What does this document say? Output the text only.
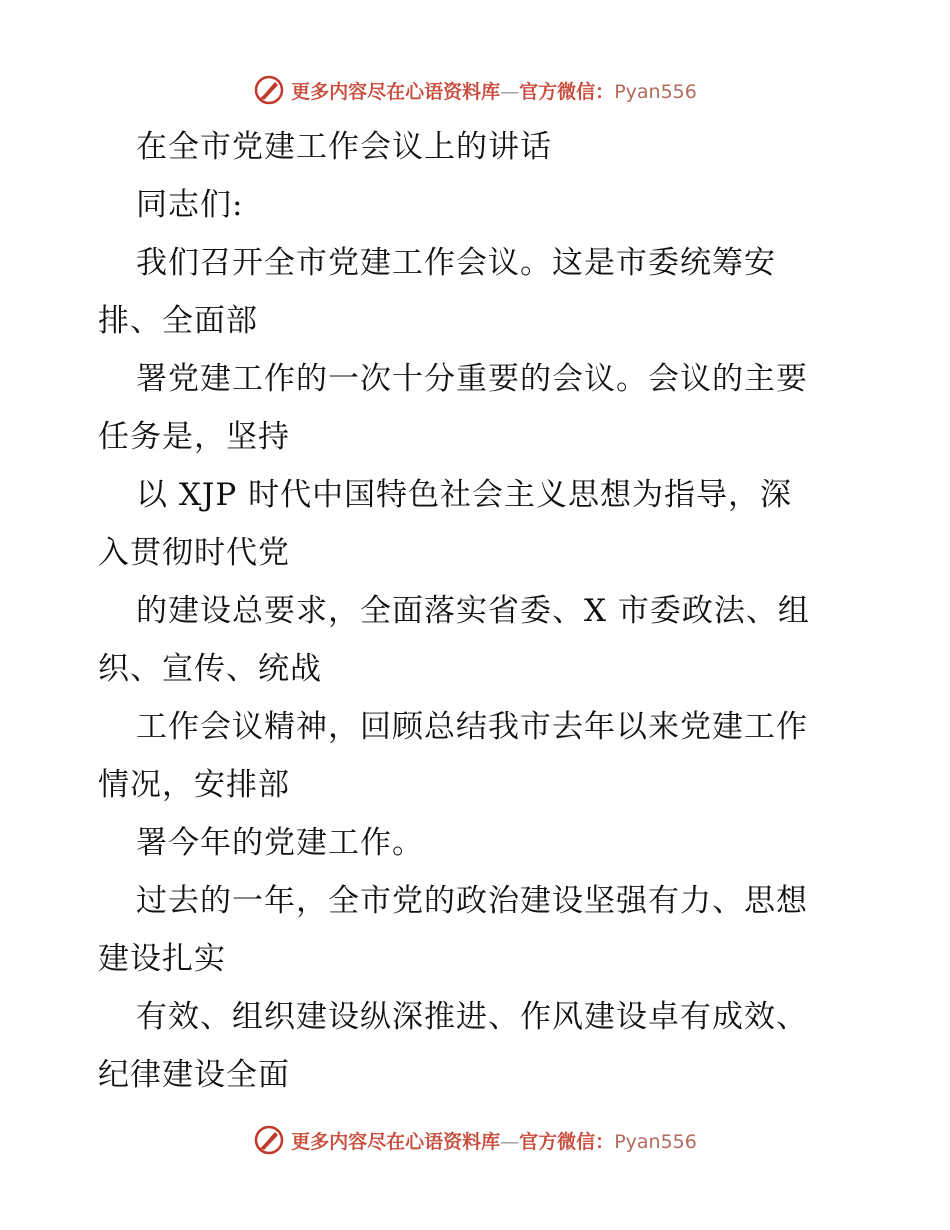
更多内容尽在心语资料库—官方微信：Pyan556
在全市党建工作会议上的讲话
同志们:
我们召开全市党建工作会议。这是市委统筹安
排、全面部
署党建工作的一次十分重要的会议。会议的主要
任务是，坚持
以 XJP 时代中国特色社会主义思想为指导，深
入贯彻时代党
的建设总要求，全面落实省委、X 市委政法、组
织、宣传、统战
工作会议精神，回顾总结我市去年以来党建工作
情况，安排部
署今年的党建工作。
过去的一年，全市党的政治建设坚强有力、思想
建设扎实
有效、组织建设纵深推进、作风建设卓有成效、
纪律建设全面
更多内容尽在心语资料库—官方微信：Pyan556
